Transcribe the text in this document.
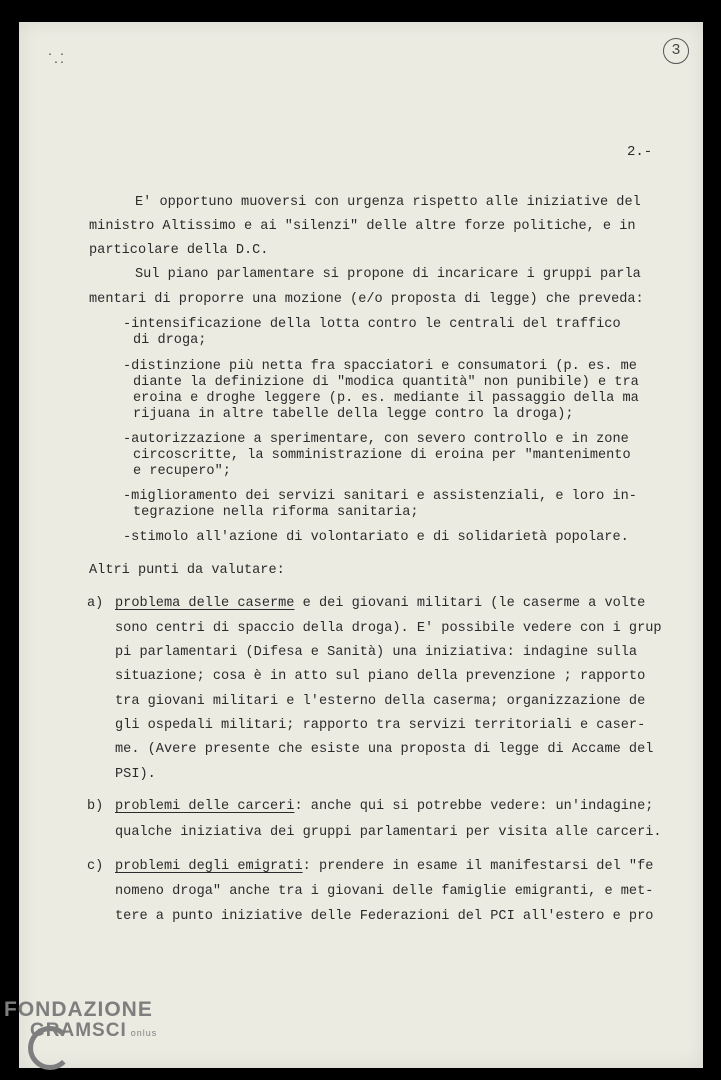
3
· ·
··
2.-
E' opportuno muoversi con urgenza rispetto alle iniziative del
ministro Altissimo e ai "silenzi" delle altre forze politiche, e in
particolare della D.C.
Sul piano parlamentare si propone di incaricare i gruppi parla
mentari di proporre una mozione (e/o proposta di legge) che preveda:
-intensificazione della lotta contro le centrali del traffico
di droga;
-distinzione più netta fra spacciatori e consumatori (p. es. me
diante la definizione di "modica quantità" non punibile) e tra
eroina e droghe leggere (p. es. mediante il passaggio della ma
rijuana in altre tabelle della legge contro la droga);
-autorizzazione a sperimentare, con severo controllo e in zone
circoscritte, la somministrazione di eroina per "mantenimento
e recupero";
-miglioramento dei servizi sanitari e assistenziali, e loro in-
tegrazione nella riforma sanitaria;
-stimolo all'azione di volontariato e di solidarietà popolare.
Altri punti da valutare:
a) problema delle caserme e dei giovani militari (le caserme a volte
sono centri di spaccio della droga). E' possibile vedere con i grup
pi parlamentari (Difesa e Sanità) una iniziativa: indagine sulla
situazione; cosa è in atto sul piano della prevenzione ; rapporto
tra giovani militari e l'esterno della caserma; organizzazione de
gli ospedali militari; rapporto tra servizi territoriali e caser-
me. (Avere presente che esiste una proposta di legge di Accame del
PSI).
b) problemi delle carceri: anche qui si potrebbe vedere: un'indagine;
qualche iniziativa dei gruppi parlamentari per visita alle carceri.
c) problemi degli emigrati: prendere in esame il manifestarsi del "fe
nomeno droga" anche tra i giovani delle famiglie emigranti, e met-
tere a punto iniziative delle Federazioni del PCI all'estero e pro
FONDAZIONE
GRAMSCI onlus
